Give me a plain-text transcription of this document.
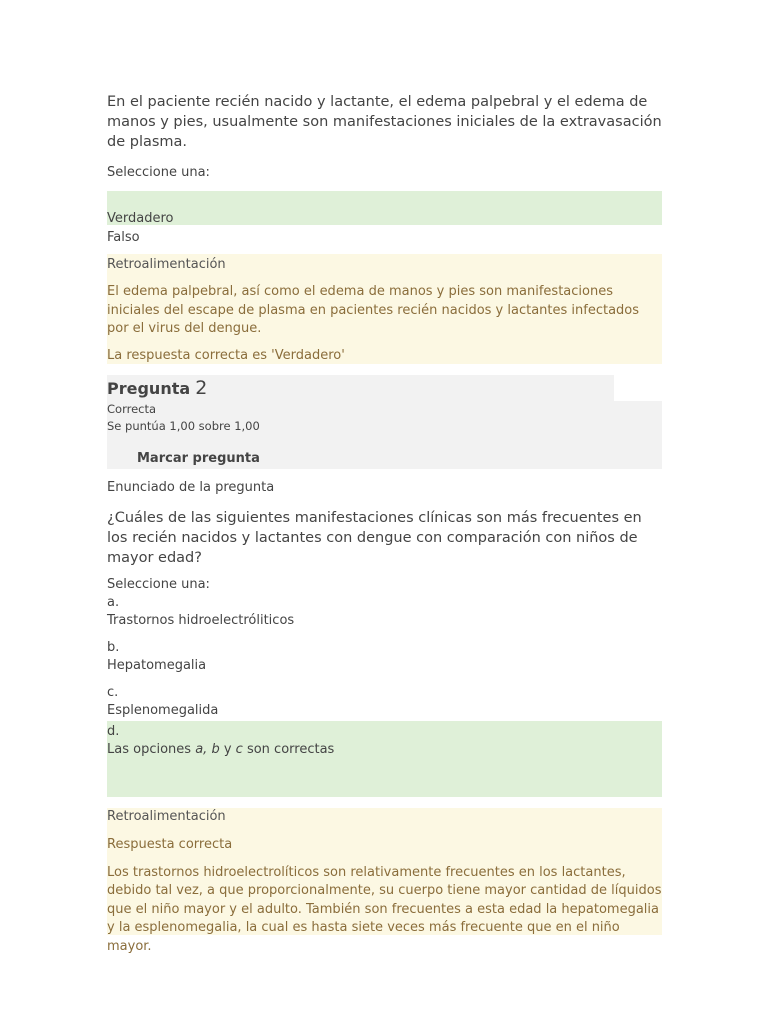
En el paciente recién nacido y lactante, el edema palpebral y el edema de manos y pies, usualmente son manifestaciones iniciales de la extravasación de plasma.

Seleccione una:

Verdadero
Falso
Retroalimentación
El edema palpebral, así como el edema de manos y pies son manifestaciones iniciales del escape de plasma en pacientes recién nacidos y lactantes infectados por el virus del dengue.
La respuesta correcta es 'Verdadero'
Pregunta 2
Correcta
Se puntúa 1,00 sobre 1,00
Marcar pregunta
Enunciado de la pregunta

¿Cuáles de las siguientes manifestaciones clínicas son más frecuentes en los recién nacidos y lactantes con dengue con comparación con niños de mayor edad?

Seleccione una:
a.
Trastornos hidroelectróliticos
b.
Hepatomegalia
c.
Esplenomegalida
d.
Las opciones a, b y c son correctas
Retroalimentación
Respuesta correcta
Los trastornos hidroelectrolíticos son relativamente frecuentes en los lactantes, debido tal vez, a que proporcionalmente, su cuerpo tiene mayor cantidad de líquidos que el niño mayor y el adulto. También son frecuentes a esta edad la hepatomegalia y la esplenomegalia, la cual es hasta siete veces más frecuente que en el niño mayor.
